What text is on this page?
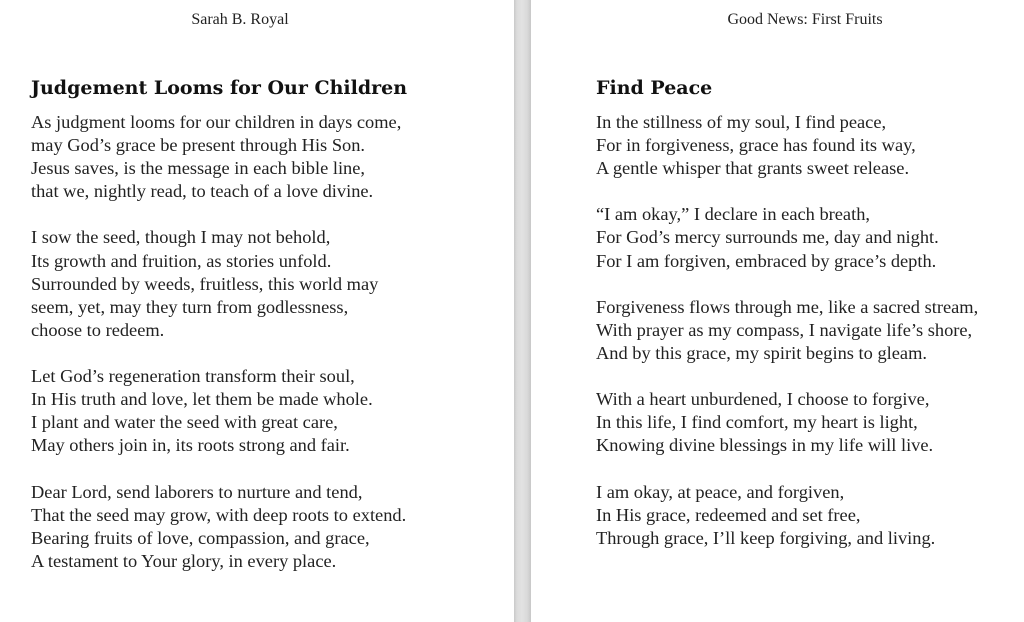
Sarah B. Royal
Judgement Looms for Our Children
As judgment looms for our children in days come,
may God’s grace be present through His Son.
Jesus saves, is the message in each bible line,
that we, nightly read, to teach of a love divine.
I sow the seed, though I may not behold,
Its growth and fruition, as stories unfold.
Surrounded by weeds, fruitless, this world may
seem, yet, may they turn from godlessness,
choose to redeem.
Let God’s regeneration transform their soul,
In His truth and love, let them be made whole.
I plant and water the seed with great care,
May others join in, its roots strong and fair.
Dear Lord, send laborers to nurture and tend,
That the seed may grow, with deep roots to extend.
Bearing fruits of love, compassion, and grace,
A testament to Your glory, in every place.
Good News: First Fruits
Find Peace
In the stillness of my soul, I find peace,
For in forgiveness, grace has found its way,
A gentle whisper that grants sweet release.
“I am okay,” I declare in each breath,
For God’s mercy surrounds me, day and night.
For I am forgiven, embraced by grace’s depth.
Forgiveness flows through me, like a sacred stream,
With prayer as my compass, I navigate life’s shore,
And by this grace, my spirit begins to gleam.
With a heart unburdened, I choose to forgive,
In this life, I find comfort, my heart is light,
Knowing divine blessings in my life will live.
I am okay, at peace, and forgiven,
In His grace, redeemed and set free,
Through grace, I’ll keep forgiving, and living.
